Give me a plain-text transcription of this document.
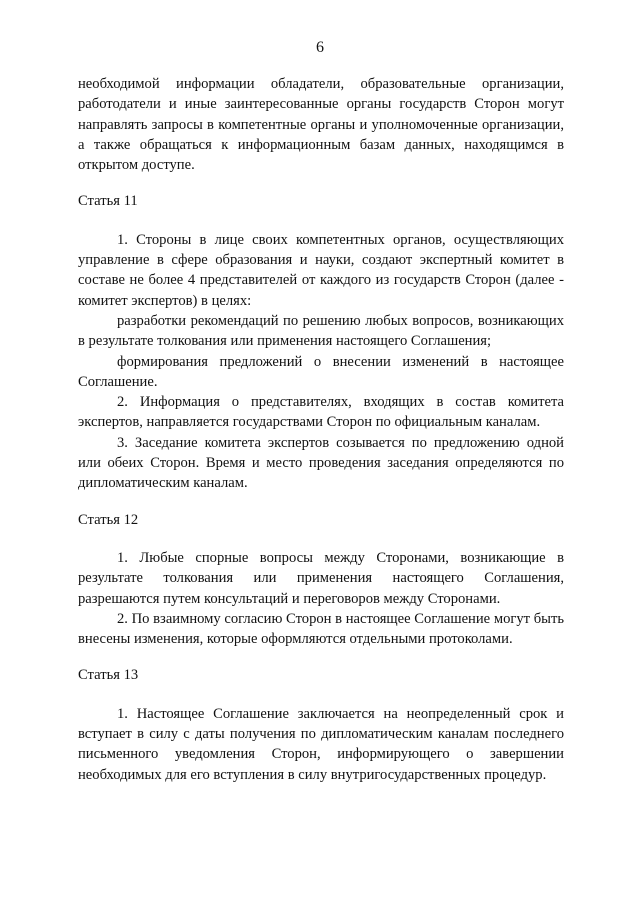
6

необходимой информации обладатели, образовательные организации, работодатели и иные заинтересованные органы государств Сторон могут направлять запросы в компетентные органы и уполномоченные организации, а также обращаться к информационным базам данных, находящимся в открытом доступе.

Статья 11

1. Стороны в лице своих компетентных органов, осуществляющих управление в сфере образования и науки, создают экспертный комитет в составе не более 4 представителей от каждого из государств Сторон (далее - комитет экспертов) в целях:

разработки рекомендаций по решению любых вопросов, возникающих в результате толкования или применения настоящего Соглашения;

формирования предложений о внесении изменений в настоящее Соглашение.

2. Информация о представителях, входящих в состав комитета экспертов, направляется государствами Сторон по официальным каналам.

3. Заседание комитета экспертов созывается по предложению одной или обеих Сторон. Время и место проведения заседания определяются по дипломатическим каналам.

Статья 12

1. Любые спорные вопросы между Сторонами, возникающие в результате толкования или применения настоящего Соглашения, разрешаются путем консультаций и переговоров между Сторонами.

2. По взаимному согласию Сторон в настоящее Соглашение могут быть внесены изменения, которые оформляются отдельными протоколами.

Статья 13

1. Настоящее Соглашение заключается на неопределенный срок и вступает в силу с даты получения по дипломатическим каналам последнего письменного уведомления Сторон, информирующего о завершении необходимых для его вступления в силу внутригосударственных процедур.
